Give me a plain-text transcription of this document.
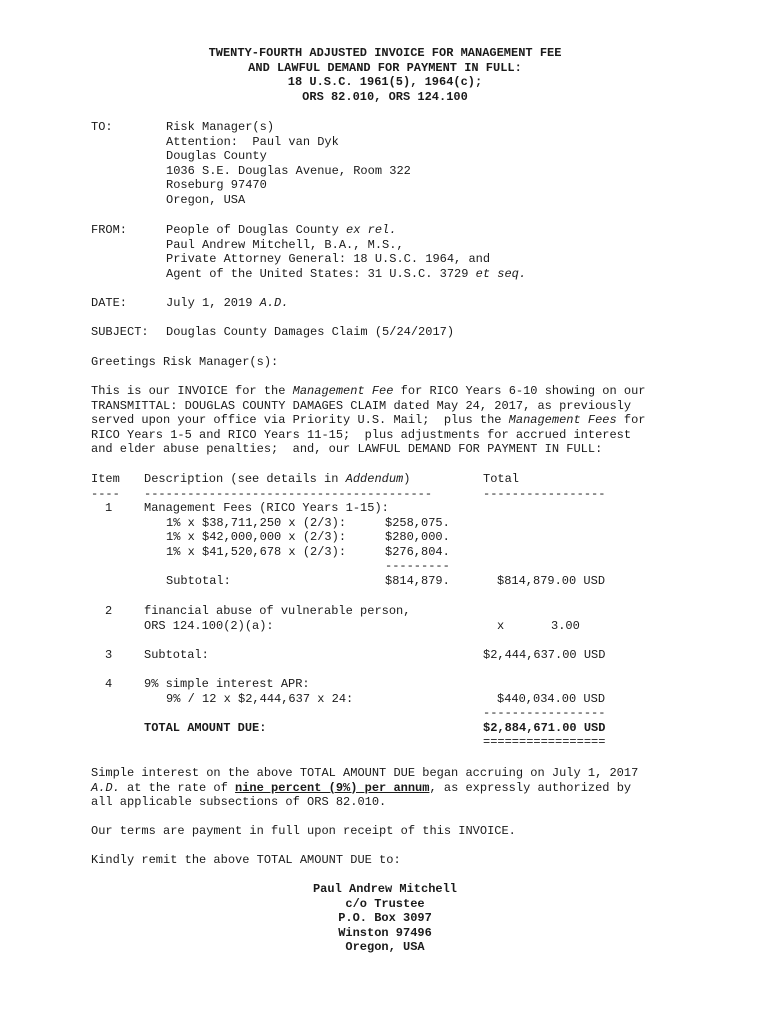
TWENTY-FOURTH ADJUSTED INVOICE FOR MANAGEMENT FEE
AND LAWFUL DEMAND FOR PAYMENT IN FULL:
18 U.S.C. 1961(5), 1964(c);
ORS 82.010, ORS 124.100
TO:	Risk Manager(s)
Attention:  Paul van Dyk
Douglas County
1036 S.E. Douglas Avenue, Room 322
Roseburg 97470
Oregon, USA
FROM:	People of Douglas County ex rel.
Paul Andrew Mitchell, B.A., M.S.,
Private Attorney General: 18 U.S.C. 1964, and
Agent of the United States: 31 U.S.C. 3729 et seq.
DATE:	July 1, 2019 A.D.
SUBJECT: Douglas County Damages Claim (5/24/2017)
Greetings Risk Manager(s):
This is our INVOICE for the Management Fee for RICO Years 6-10 showing on our
TRANSMITTAL: DOUGLAS COUNTY DAMAGES CLAIM dated May 24, 2017, as previously
served upon your office via Priority U.S. Mail;  plus the Management Fees for
RICO Years 1-5 and RICO Years 11-15;  plus adjustments for accrued interest
and elder abuse penalties;  and, our LAWFUL DEMAND FOR PAYMENT IN FULL:
Item Description (see details in Addendum)	Total
---- ----------------------------------------	-----------------
1	Management Fees (RICO Years 1-15):
1% x $38,711,250 x (2/3):	$258,075.
1% x $42,000,000 x (2/3):	$280,000.
1% x $41,520,678 x (2/3):	$276,804.
---------
Subtotal:	$814,879.	$814,879.00 USD
2	financial abuse of vulnerable person,
ORS 124.100(2)(a):	x	3.00
3	Subtotal:	$2,444,637.00 USD
4	9% simple interest APR:
9% / 12 x $2,444,637 x 24:	$440,034.00 USD
-----------------
TOTAL AMOUNT DUE:	$2,884,671.00 USD
=================
Simple interest on the above TOTAL AMOUNT DUE began accruing on July 1, 2017
A.D. at the rate of nine percent (9%) per annum, as expressly authorized by
all applicable subsections of ORS 82.010.
Our terms are payment in full upon receipt of this INVOICE.
Kindly remit the above TOTAL AMOUNT DUE to:
Paul Andrew Mitchell
c/o Trustee
P.O. Box 3097
Winston 97496
Oregon, USA
